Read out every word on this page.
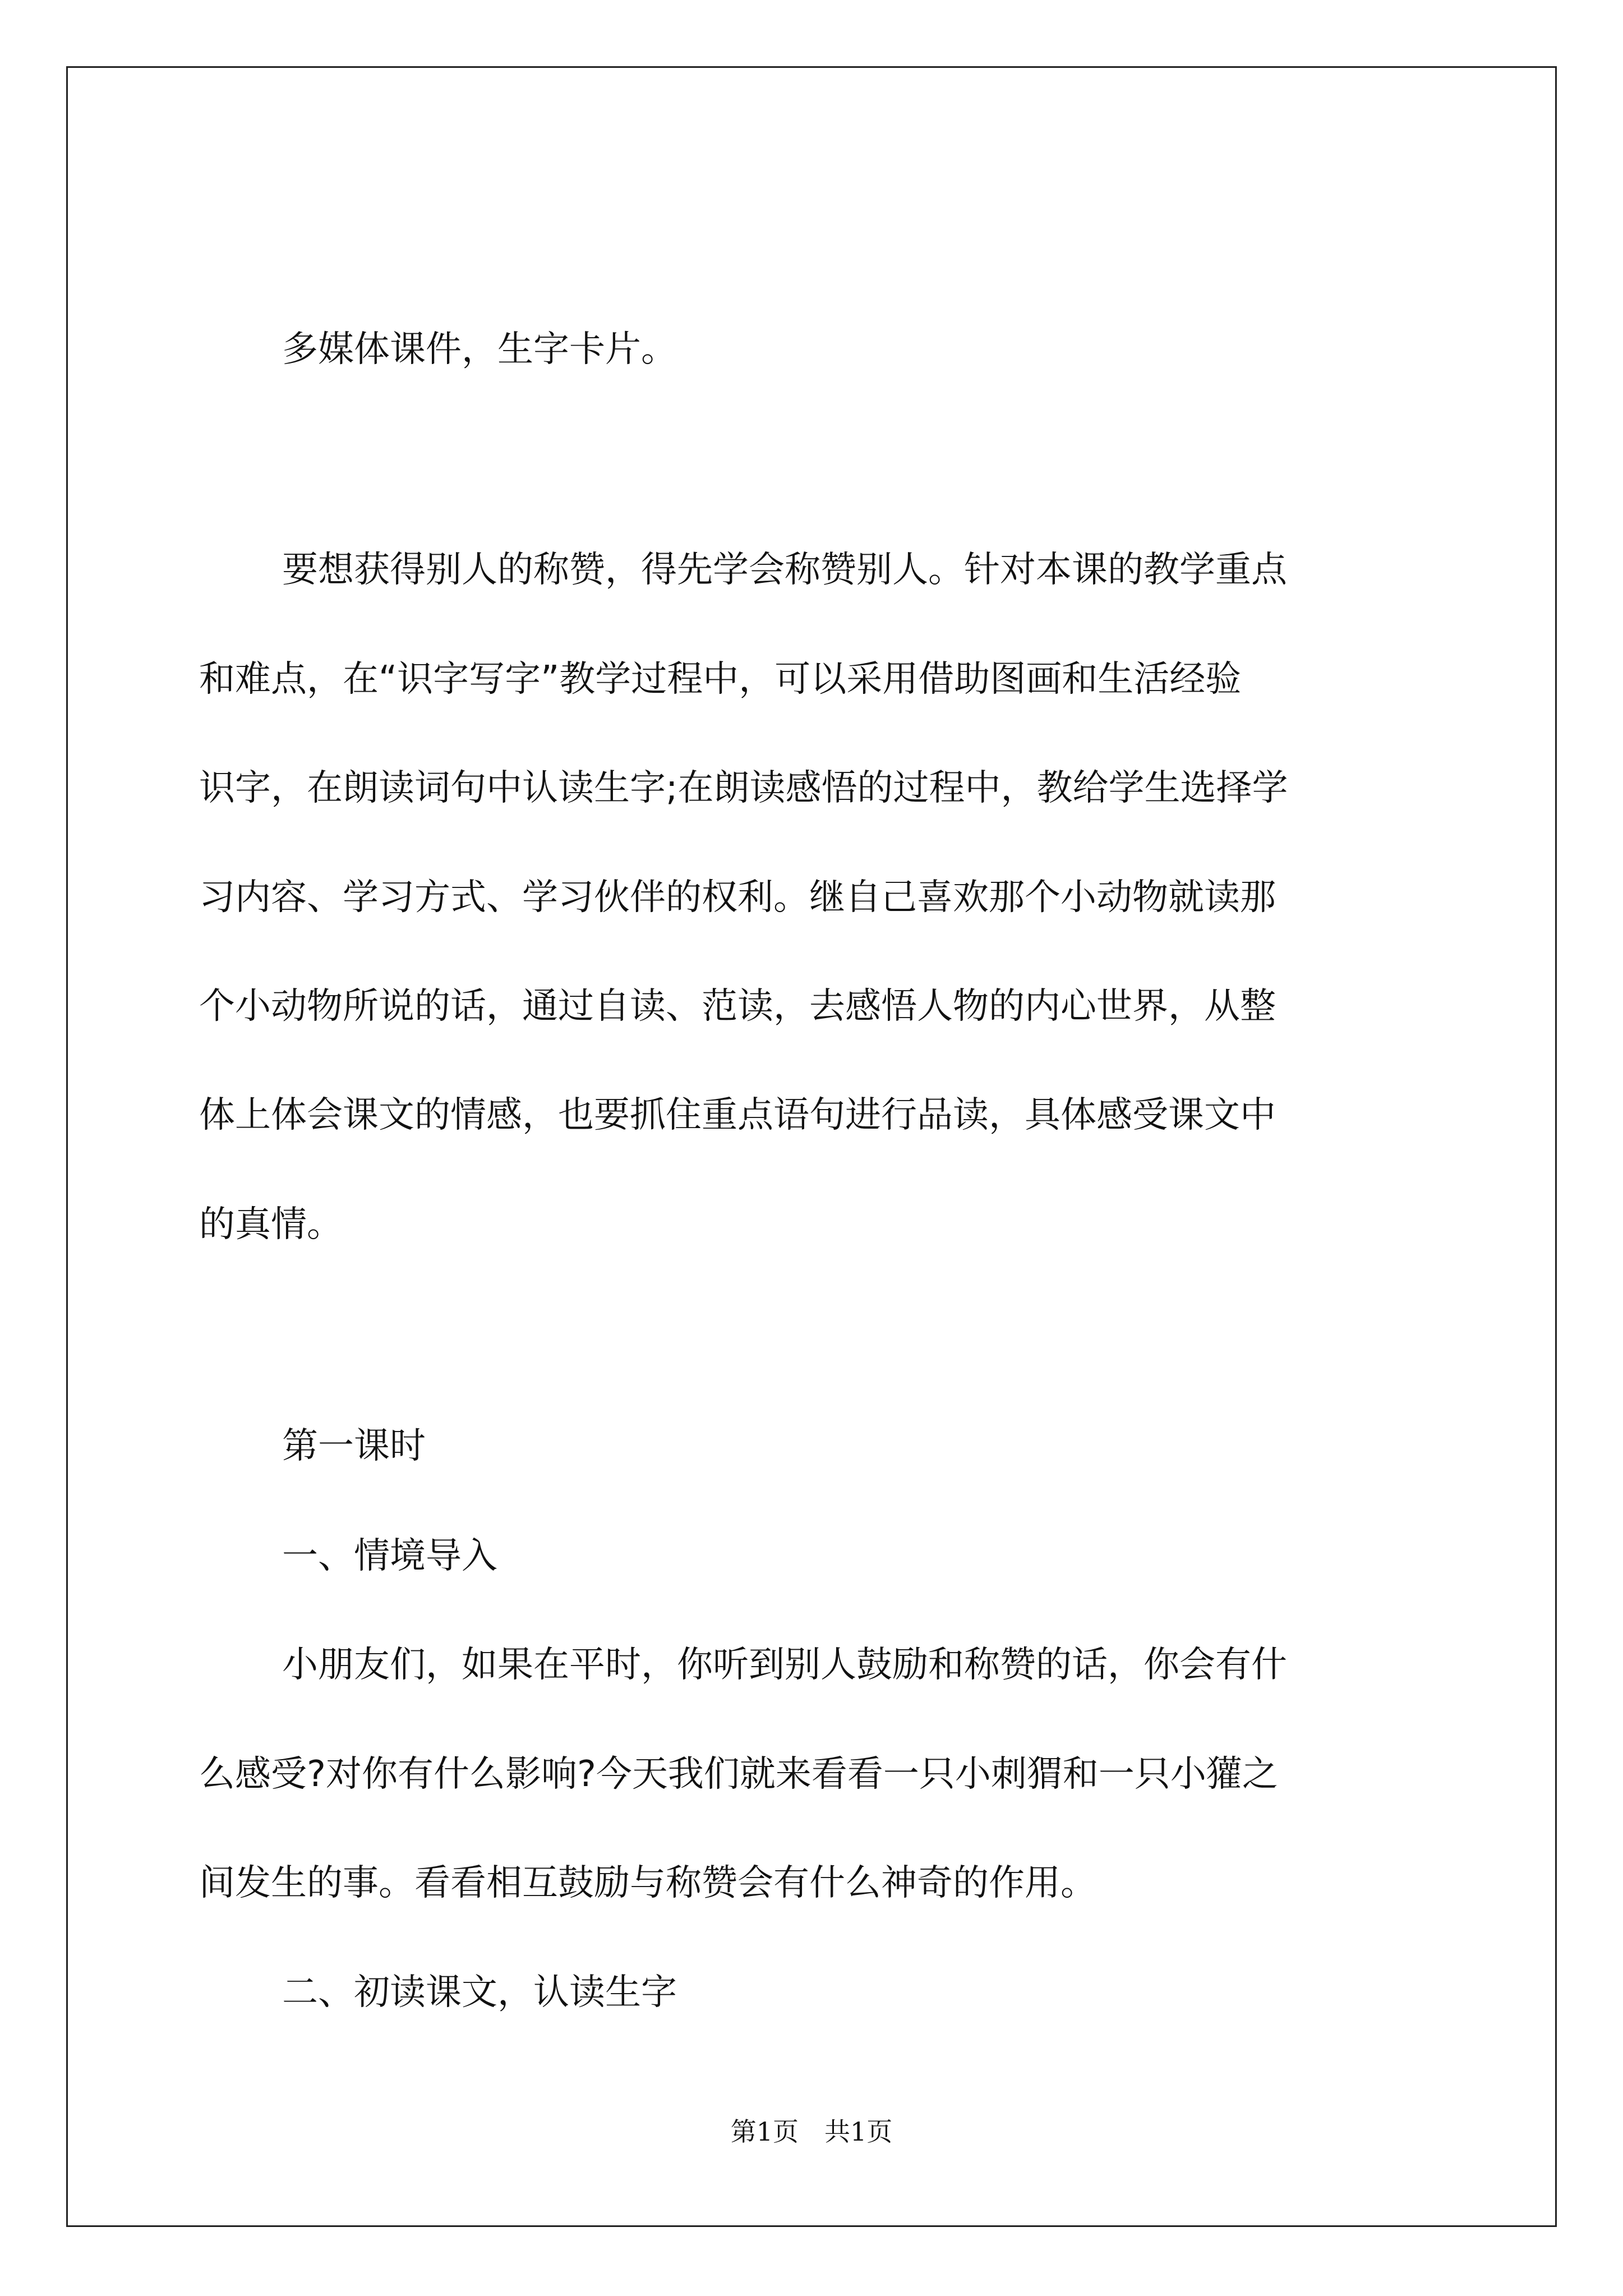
多媒体课件，生字卡片。
要想获得别人的称赞，得先学会称赞别人。针对本课的教学重点
和难点，在“识字写字”教学过程中，可以采用借助图画和生活经验
识字，在朗读词句中认读生字;在朗读感悟的过程中，教给学生选择学
习内容、学习方式、学习伙伴的权利。继自己喜欢那个小动物就读那
个小动物所说的话，通过自读、范读，去感悟人物的内心世界，从整
体上体会课文的情感，也要抓住重点语句进行品读，具体感受课文中
的真情。
第一课时
一、情境导入
小朋友们，如果在平时，你听到别人鼓励和称赞的话，你会有什
么感受?对你有什么影响?今天我们就来看看一只小刺猬和一只小獾之
间发生的事。看看相互鼓励与称赞会有什么神奇的作用。
二、初读课文，认读生字
第1页　共1页
